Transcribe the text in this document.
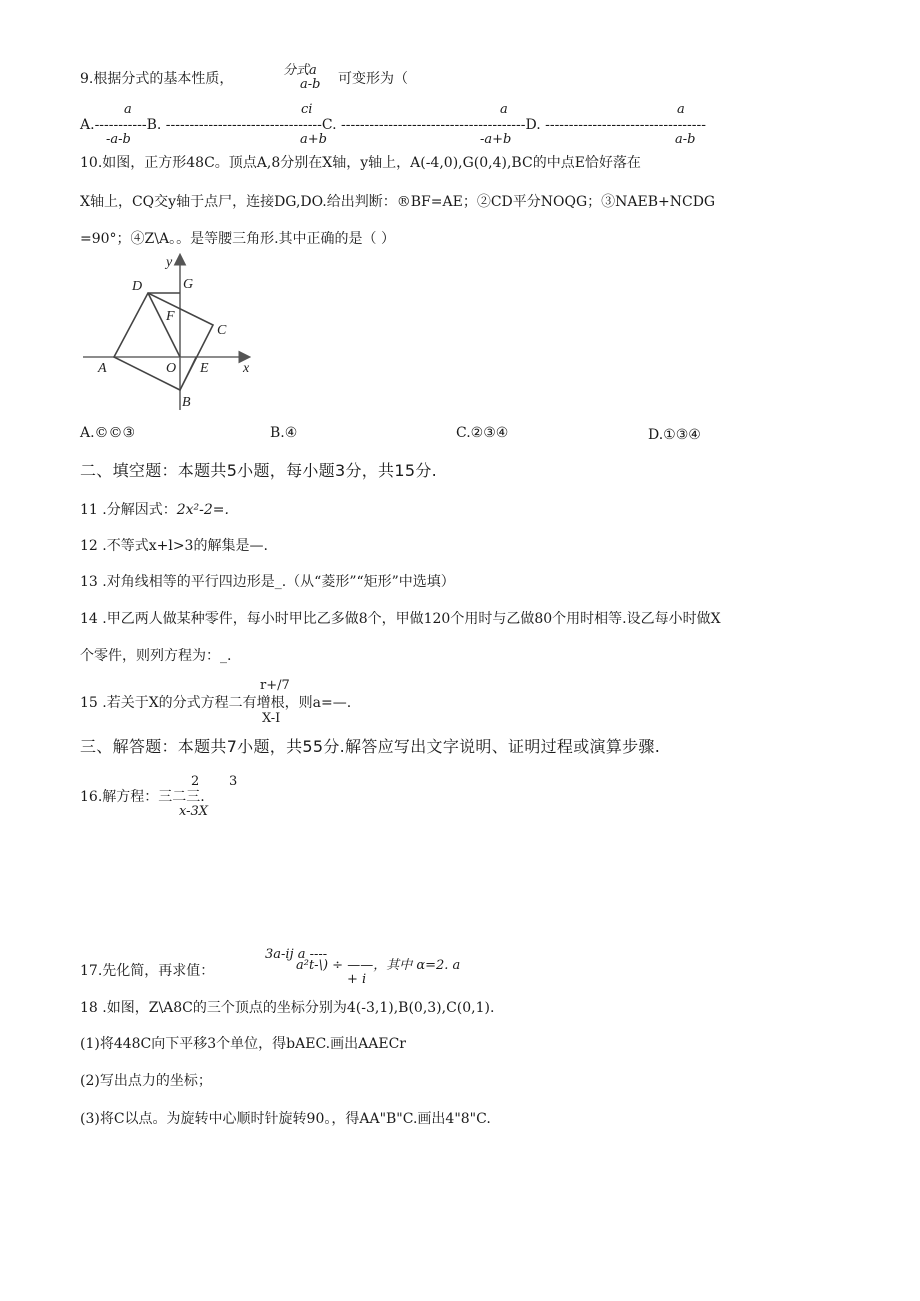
9.根据分式的基本性质，
分式a
a-b 可变形为（
a
A.-----------B. ---------------------------------C. ---------------------------------------D. ----------------------------------
-a-b
ci
a+b
a
-a+b
a
a-b
10.如图，正方形48C。顶点A,8分别在X轴，y轴上，A(-4,0),G(0,4),BC的中点E恰好落在
X轴上，CQ交y轴于点尸，连接DG,DO.给出判断：®BF=AE；②CD平分NOQG；③NAEB+NCDG
=90°；④Z\A。。是等腰三角形.其中正确的是（ ）
y
x
G
D
F
C
A	O E
B
A.©©③	B.④	C.②③④	D.①③④
二、填空题：本题共5小题，每小题3分，共15分.
11 .分解因式：2x²-2=.
12 .不等式x+l>3的解集是—.
13 .对角线相等的平行四边形是_.（从“菱形”“矩形”中选填）
14 .甲乙两人做某种零件，每小时甲比乙多做8个，甲做120个用时与乙做80个用时相等.设乙每小时做X
个零件，则列方程为：_.
r+/7
15 .若关于X的分式方程二有增根，则a=—.
X-I
三、解答题：本题共7小题，共55分.解答应写出文字说明、证明过程或演算步骤.
2 3
16.解方程：三二三.
x-3X
3a-ij a ----
17.先化简，再求值：	a²t-\) ÷ ——，其中 α=2. a
+ i
18 .如图，Z\A8C的三个顶点的坐标分别为4(-3,1),B(0,3),C(0,1).
(1)将448C向下平移3个单位，得bAEC.画出AAECr
(2)写出点力的坐标；
(3)将C以点。为旋转中心顺时针旋转90。，得AA"B"C.画出4"8"C.
